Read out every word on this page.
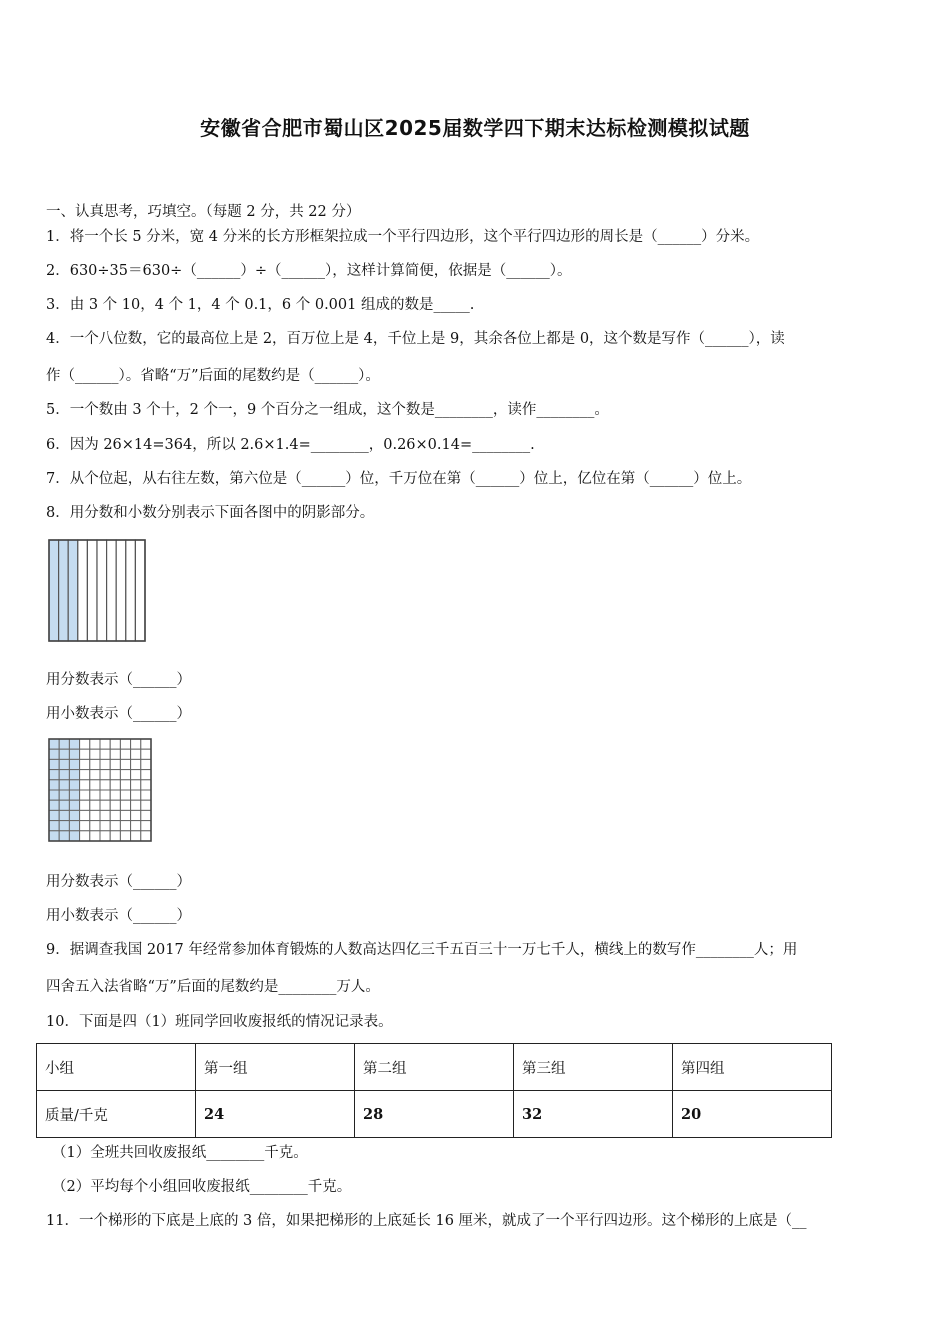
安徽省合肥市蜀山区2025届数学四下期末达标检测模拟试题
一、认真思考，巧填空。（每题 2 分，共 22 分）
1．将一个长 5 分米，宽 4 分米的长方形框架拉成一个平行四边形，这个平行四边形的周长是（______）分米。
2．630÷35＝630÷（______）÷（______），这样计算简便，依据是（______）。
3．由 3 个 10，4 个 1，4 个 0.1，6 个 0.001 组成的数是_____.
4．一个八位数，它的最高位上是 2，百万位上是 4，千位上是 9，其余各位上都是 0，这个数是写作（______），读
作（______）。省略“万”后面的尾数约是（______）。
5．一个数由 3 个十，2 个一，9 个百分之一组成，这个数是________，读作________。
6．因为 26×14=364，所以 2.6×1.4=________，0.26×0.14=________.
7．从个位起，从右往左数，第六位是（______）位，千万位在第（______）位上，亿位在第（______）位上。
8．用分数和小数分别表示下面各图中的阴影部分。
用分数表示（______）
用小数表示（______）
用分数表示（______）
用小数表示（______）
9．据调查我国 2017 年经常参加体育锻炼的人数高达四亿三千五百三十一万七千人，横线上的数写作________人；用
四舍五入法省略“万”后面的尾数约是________万人。
10．下面是四（1）班同学回收废报纸的情况记录表。
小组	第一组	第二组	第三组	第四组
质量/千克	24	28	32	20
（1）全班共回收废报纸________千克。
（2）平均每个小组回收废报纸________千克。
11．一个梯形的下底是上底的 3 倍，如果把梯形的上底延长 16 厘米，就成了一个平行四边形。这个梯形的上底是（__
